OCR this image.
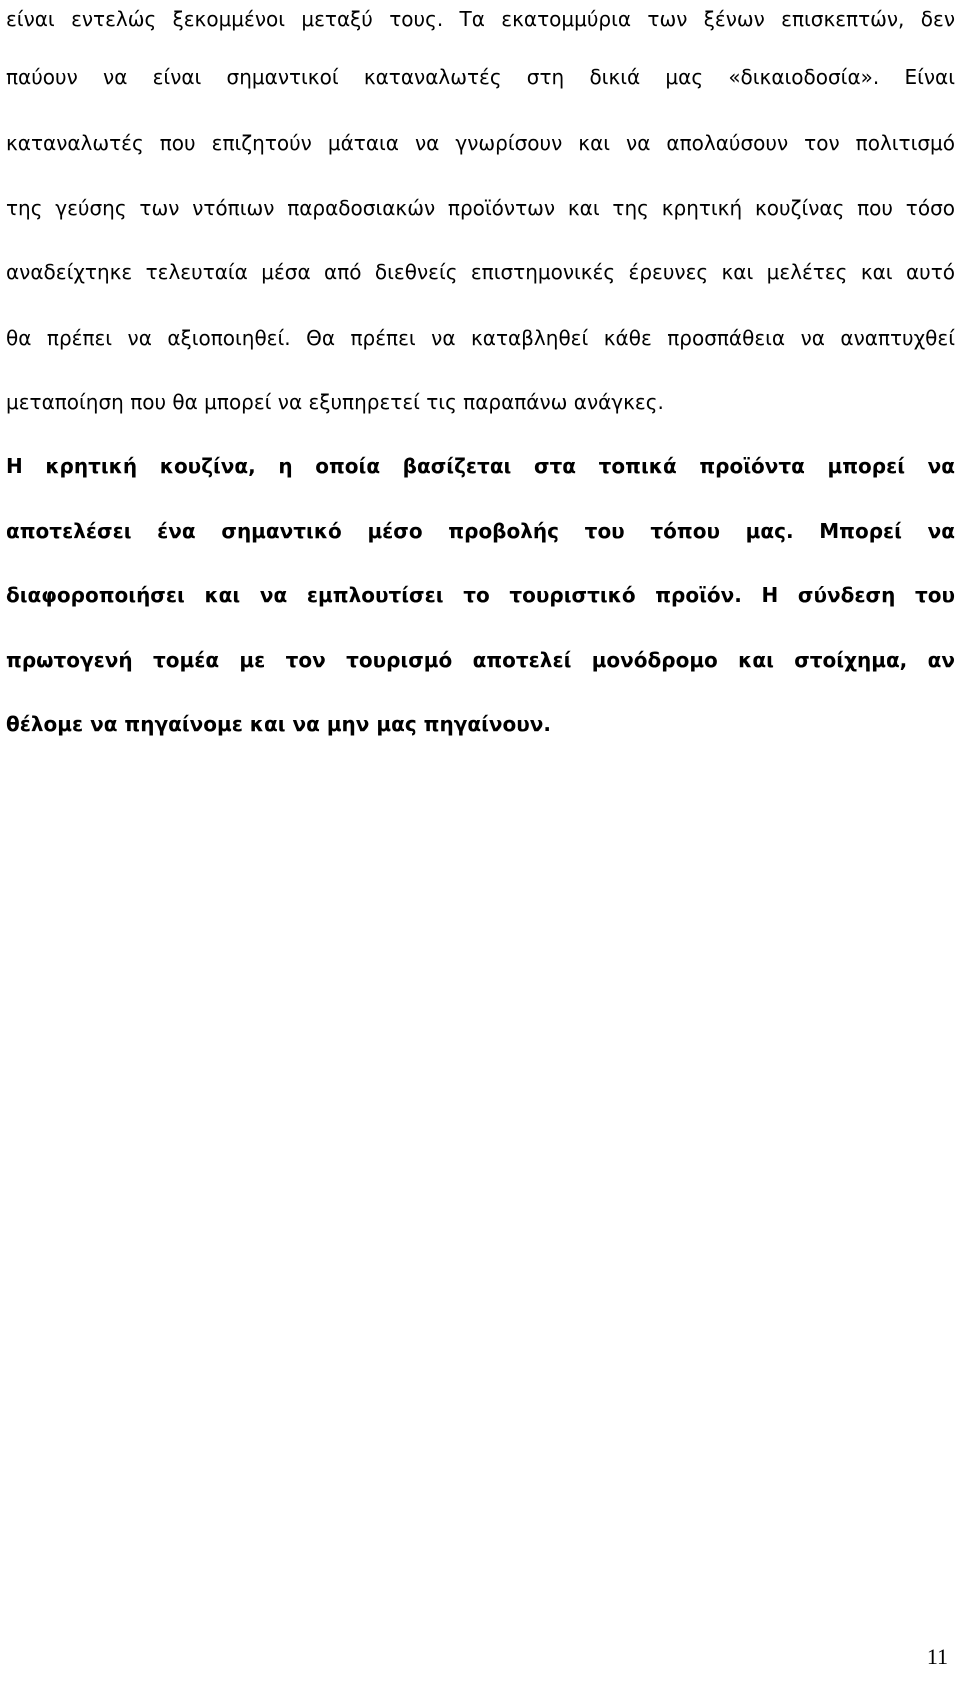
είναι εντελώς ξεκομμένοι μεταξύ τους. Τα εκατομμύρια των ξένων επισκεπτών, δεν
παύουν να είναι σημαντικοί καταναλωτές στη δικιά μας «δικαιοδοσία». Είναι
καταναλωτές που επιζητούν μάταια να γνωρίσουν και να απολαύσουν τον πολιτισμό
της γεύσης των ντόπιων παραδοσιακών προϊόντων και της κρητική κουζίνας που τόσο
αναδείχτηκε τελευταία μέσα από διεθνείς επιστημονικές έρευνες και μελέτες και αυτό
θα πρέπει να αξιοποιηθεί. Θα πρέπει να καταβληθεί κάθε προσπάθεια να αναπτυχθεί
μεταποίηση που θα μπορεί να εξυπηρετεί τις παραπάνω ανάγκες.
Η κρητική κουζίνα, η οποία βασίζεται στα τοπικά προϊόντα μπορεί να
αποτελέσει ένα σημαντικό μέσο προβολής του τόπου μας. Μπορεί να
διαφοροποιήσει και να εμπλουτίσει το τουριστικό προϊόν. Η σύνδεση του
πρωτογενή τομέα με τον τουρισμό αποτελεί μονόδρομο και στοίχημα, αν
θέλομε να πηγαίνομε και να μην μας πηγαίνουν.
11
